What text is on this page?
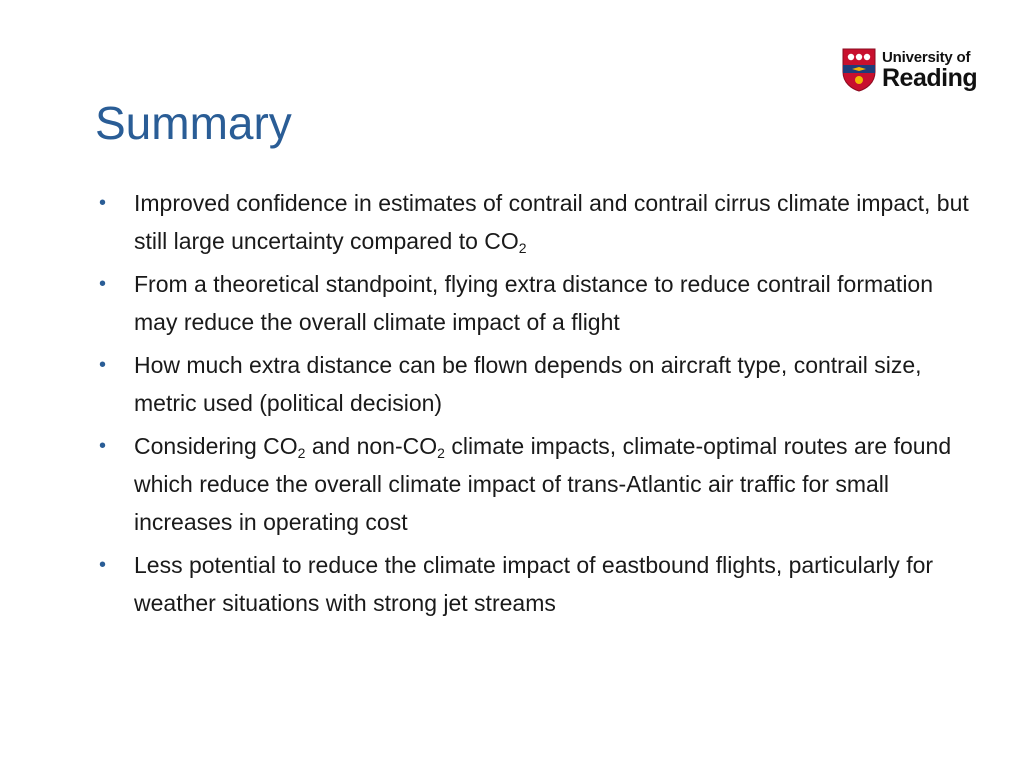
University of
Reading
Summary
• Improved confidence in estimates of contrail and contrail cirrus climate impact, but still large uncertainty compared to $CO_2$
• From a theoretical standpoint, flying extra distance to reduce contrail formation may reduce the overall climate impact of a flight
• How much extra distance can be flown depends on aircraft type, contrail size, metric used (political decision)
• Considering $CO_2$ and non-$CO_2$ climate impacts, climate-optimal routes are found which reduce the overall climate impact of trans-Atlantic air traffic for small increases in operating cost
• Less potential to reduce the climate impact of eastbound flights, particularly for weather situations with strong jet streams
